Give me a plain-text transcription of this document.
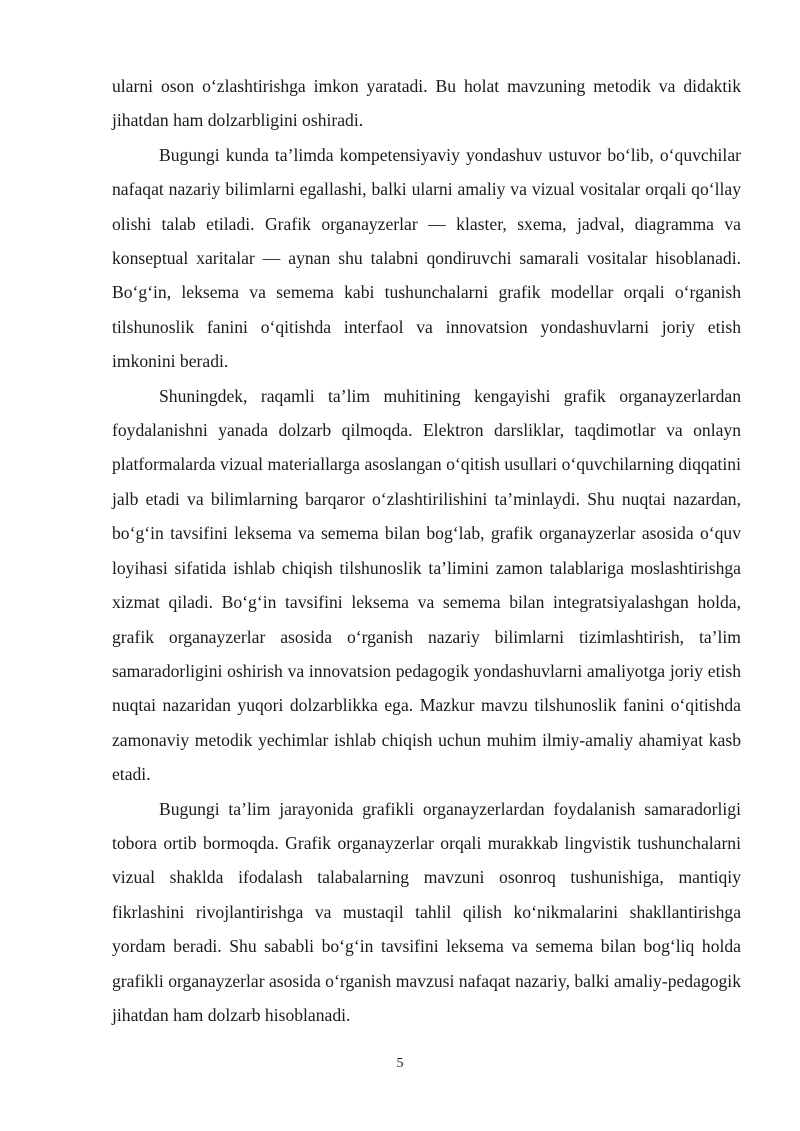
ularni oson o‘zlashtirishga imkon yaratadi. Bu holat mavzuning metodik va didaktik jihatdan ham dolzarbligini oshiradi.

Bugungi kunda ta’limda kompetensiyaviy yondashuv ustuvor bo‘lib, o‘quvchilar nafaqat nazariy bilimlarni egallashi, balki ularni amaliy va vizual vositalar orqali qo‘llay olishi talab etiladi. Grafik organayzerlar — klaster, sxema, jadval, diagramma va konseptual xaritalar — aynan shu talabni qondiruvchi samarali vositalar hisoblanadi. Bo‘g‘in, leksema va semema kabi tushunchalarni grafik modellar orqali o‘rganish tilshunoslik fanini o‘qitishda interfaol va innovatsion yondashuvlarni joriy etish imkonini beradi.

Shuningdek, raqamli ta’lim muhitining kengayishi grafik organayzerlardan foydalanishni yanada dolzarb qilmoqda. Elektron darsliklar, taqdimotlar va onlayn platformalarda vizual materiallarga asoslangan o‘qitish usullari o‘quvchilarning diqqatini jalb etadi va bilimlarning barqaror o‘zlashtirilishini ta’minlaydi. Shu nuqtai nazardan, bo‘g‘in tavsifini leksema va semema bilan bog‘lab, grafik organayzerlar asosida o‘quv loyihasi sifatida ishlab chiqish tilshunoslik ta’limini zamon talablariga moslashtirishga xizmat qiladi. Bo‘g‘in tavsifini leksema va semema bilan integratsiyalashgan holda, grafik organayzerlar asosida o‘rganish nazariy bilimlarni tizimlashtirish, ta’lim samaradorligini oshirish va innovatsion pedagogik yondashuvlarni amaliyotga joriy etish nuqtai nazaridan yuqori dolzarblikka ega. Mazkur mavzu tilshunoslik fanini o‘qitishda zamonaviy metodik yechimlar ishlab chiqish uchun muhim ilmiy-amaliy ahamiyat kasb etadi.

Bugungi ta’lim jarayonida grafikli organayzerlardan foydalanish samaradorligi tobora ortib bormoqda. Grafik organayzerlar orqali murakkab lingvistik tushunchalarni vizual shaklda ifodalash talabalarning mavzuni osonroq tushunishiga, mantiqiy fikrlashini rivojlantirishga va mustaqil tahlil qilish ko‘nikmalarini shakllantirishga yordam beradi. Shu sababli bo‘g‘in tavsifini leksema va semema bilan bog‘liq holda grafikli organayzerlar asosida o‘rganish mavzusi nafaqat nazariy, balki amaliy-pedagogik jihatdan ham dolzarb hisoblanadi.

5
